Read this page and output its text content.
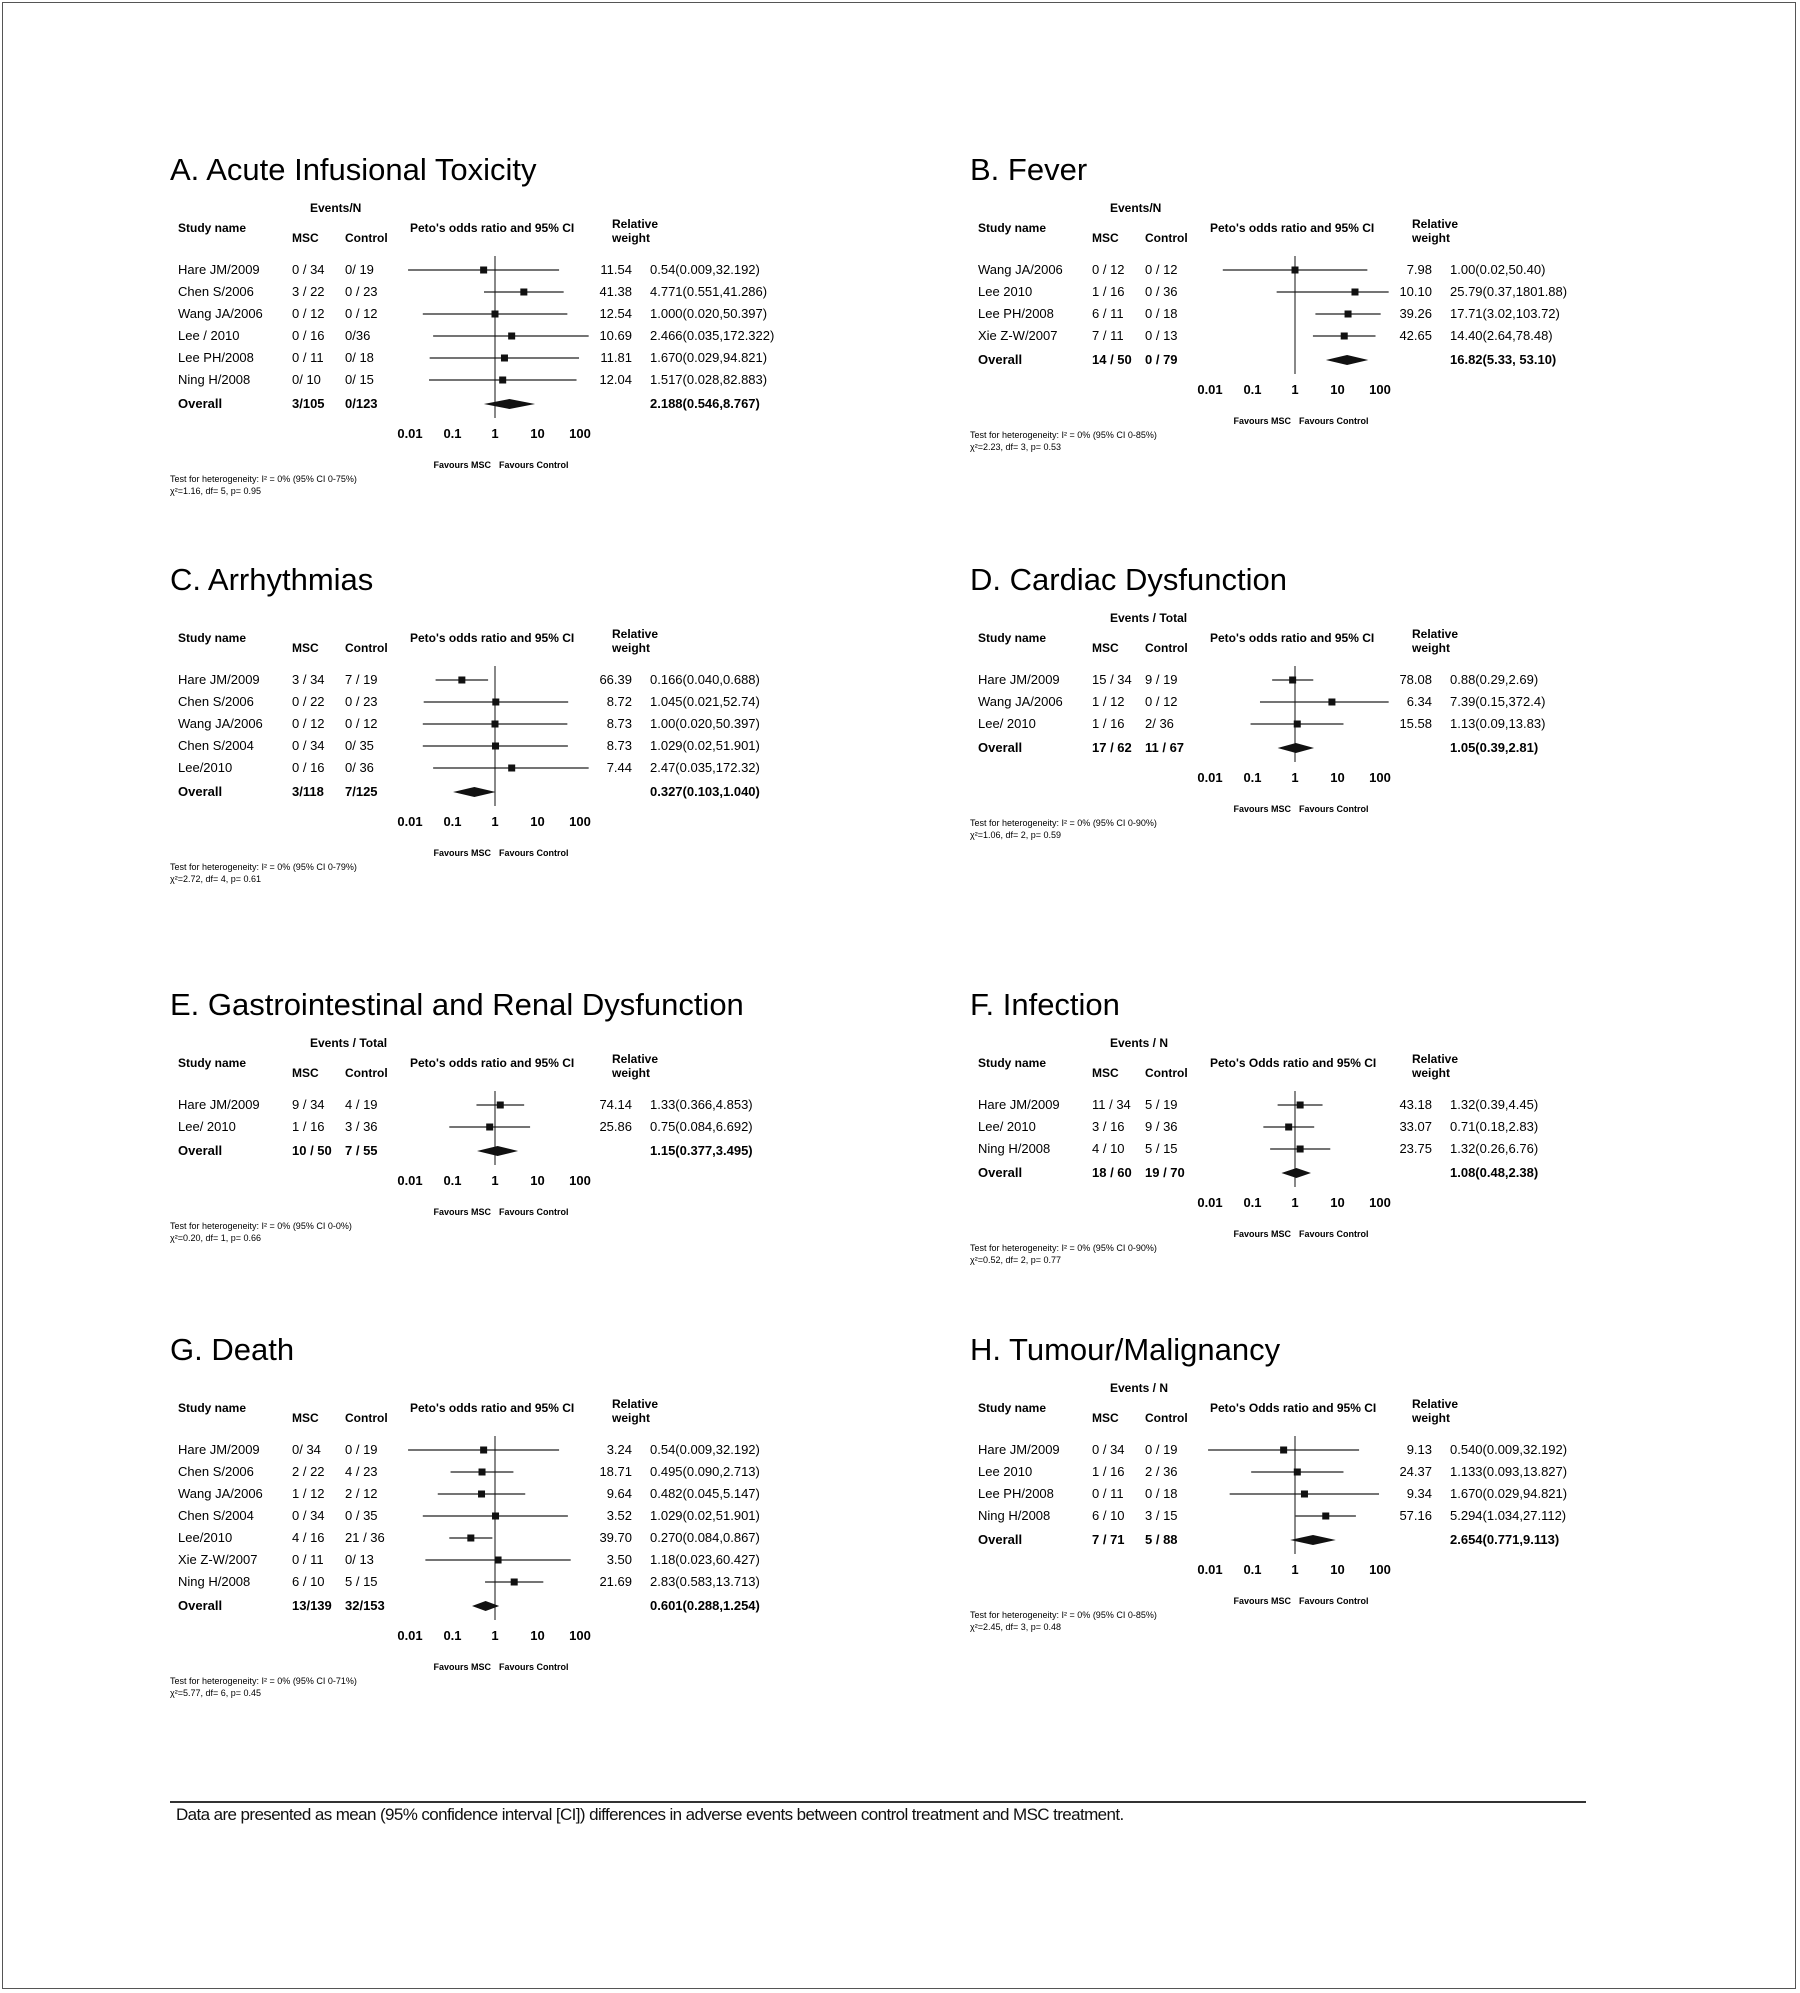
A. Acute Infusional Toxicity
Events/N
Study name
MSC Control
Peto's odds ratio and 95% CI	Relative
weight
Hare JM/2009 0 / 34 0/ 19	11.54 0.54(0.009,32.192)
Chen S/2006	3 / 22 0 / 23	41.38 4.771(0.551,41.286)
Wang JA/2006 0 / 12 0 / 12	12.54 1.000(0.020,50.397)
Lee / 2010	0 / 16 0/36	10.69 2.466(0.035,172.322)
Lee PH/2008	0 / 11 0/ 18	11.81 1.670(0.029,94.821)
Ning H/2008	0/ 10 0/ 15	12.04 1.517(0.028,82.883)
Overall	3/105 0/123	2.188(0.546,8.767)
0.01 0.1 1 10 100
Favours MSC Favours Control
Test for heterogeneity: I² = 0% (95% CI 0-75%)
χ²=1.16, df= 5, p= 0.95
B. Fever
Events/N
Study name
MSC Control
Peto's odds ratio and 95% CI	Relative
weight
Wang JA/2006 0 / 12 0 / 12	7.98 1.00(0.02,50.40)
Lee 2010	1 / 16 0 / 36	10.10 25.79(0.37,1801.88)
Lee PH/2008	6 / 11 0 / 18	39.26 17.71(3.02,103.72)
Xie Z-W/2007	7 / 11 0 / 13	42.65 14.40(2.64,78.48)
Overall	14 / 50 0 / 79	16.82(5.33, 53.10)
0.01 0.1 1 10 100
Favours MSC Favours Control
Test for heterogeneity: I² = 0% (95% CI 0-85%)
χ²=2.23, df= 3, p= 0.53
C. Arrhythmias
Study name
MSC Control
Peto's odds ratio and 95% CI	Relative
weight
Hare JM/2009 3 / 34 7 / 19	66.39 0.166(0.040,0.688)
Chen S/2006	0 / 22 0 / 23	8.72 1.045(0.021,52.74)
Wang JA/2006 0 / 12 0 / 12	8.73 1.00(0.020,50.397)
Chen S/2004	0 / 34 0/ 35	8.73 1.029(0.02,51.901)
Lee/2010	0 / 16 0/ 36	7.44 2.47(0.035,172.32)
Overall	3/118 7/125	0.327(0.103,1.040)
0.01 0.1 1 10 100
Favours MSC Favours Control
Test for heterogeneity: I² = 0% (95% CI 0-79%)
χ²=2.72, df= 4, p= 0.61
D. Cardiac Dysfunction
Events / Total
Study name
MSC Control
Peto's odds ratio and 95% CI	Relative
weight
Hare JM/2009 15 / 34 9 / 19	78.08 0.88(0.29,2.69)
Wang JA/2006 1 / 12 0 / 12	6.34 7.39(0.15,372.4)
Lee/ 2010	1 / 16 2/ 36	15.58 1.13(0.09,13.83)
Overall	17 / 62 11 / 67	1.05(0.39,2.81)
0.01 0.1 1 10 100
Favours MSC Favours Control
Test for heterogeneity: I² = 0% (95% CI 0-90%)
χ²=1.06, df= 2, p= 0.59
E. Gastrointestinal and Renal Dysfunction
Events / Total
Study name
MSC Control
Peto's odds ratio and 95% CI	Relative
weight
Hare JM/2009 9 / 34 4 / 19	74.14 1.33(0.366,4.853)
Lee/ 2010	1 / 16 3 / 36	25.86 0.75(0.084,6.692)
Overall	10 / 50 7 / 55	1.15(0.377,3.495)
0.01 0.1 1 10 100
Favours MSC Favours Control
Test for heterogeneity: I² = 0% (95% CI 0-0%)
χ²=0.20, df= 1, p= 0.66
F. Infection
Events / N
Study name
MSC Control
Peto's Odds ratio and 95% CI	Relative
weight
Hare JM/2009 11 / 34 5 / 19	43.18 1.32(0.39,4.45)
Lee/ 2010	3 / 16 9 / 36	33.07 0.71(0.18,2.83)
Ning H/2008	4 / 10 5 / 15	23.75 1.32(0.26,6.76)
Overall	18 / 60 19 / 70	1.08(0.48,2.38)
0.01 0.1 1 10 100
Favours MSC Favours Control
Test for heterogeneity: I² = 0% (95% CI 0-90%)
χ²=0.52, df= 2, p= 0.77
G. Death
Study name
MSC Control
Peto's odds ratio and 95% CI	Relative
weight
Hare JM/2009 0/ 34 0 / 19	3.24 0.54(0.009,32.192)
Chen S/2006	2 / 22 4 / 23	18.71 0.495(0.090,2.713)
Wang JA/2006 1 / 12 2 / 12	9.64 0.482(0.045,5.147)
Chen S/2004	0 / 34 0 / 35	3.52 1.029(0.02,51.901)
Lee/2010	4 / 16 21 / 36	39.70 0.270(0.084,0.867)
Xie Z-W/2007	0 / 11 0/ 13	3.50 1.18(0.023,60.427)
Ning H/2008	6 / 10 5 / 15	21.69 2.83(0.583,13.713)
Overall	13/139 32/153	0.601(0.288,1.254)
0.01 0.1 1 10 100
Favours MSC Favours Control
Test for heterogeneity: I² = 0% (95% CI 0-71%)
χ²=5.77, df= 6, p= 0.45
H. Tumour/Malignancy
Events / N
Study name
MSC Control
Peto's Odds ratio and 95% CI	Relative
weight
Hare JM/2009 0 / 34 0 / 19	9.13 0.540(0.009,32.192)
Lee 2010	1 / 16 2 / 36	24.37 1.133(0.093,13.827)
Lee PH/2008	0 / 11 0 / 18	9.34 1.670(0.029,94.821)
Ning H/2008	6 / 10 3 / 15	57.16 5.294(1.034,27.112)
Overall	7 / 71 5 / 88	2.654(0.771,9.113)
0.01 0.1 1 10 100
Favours MSC Favours Control
Test for heterogeneity: I² = 0% (95% CI 0-85%)
χ²=2.45, df= 3, p= 0.48
Data are presented as mean (95% confidence interval [CI]) differences in adverse events between control treatment and MSC treatment.
